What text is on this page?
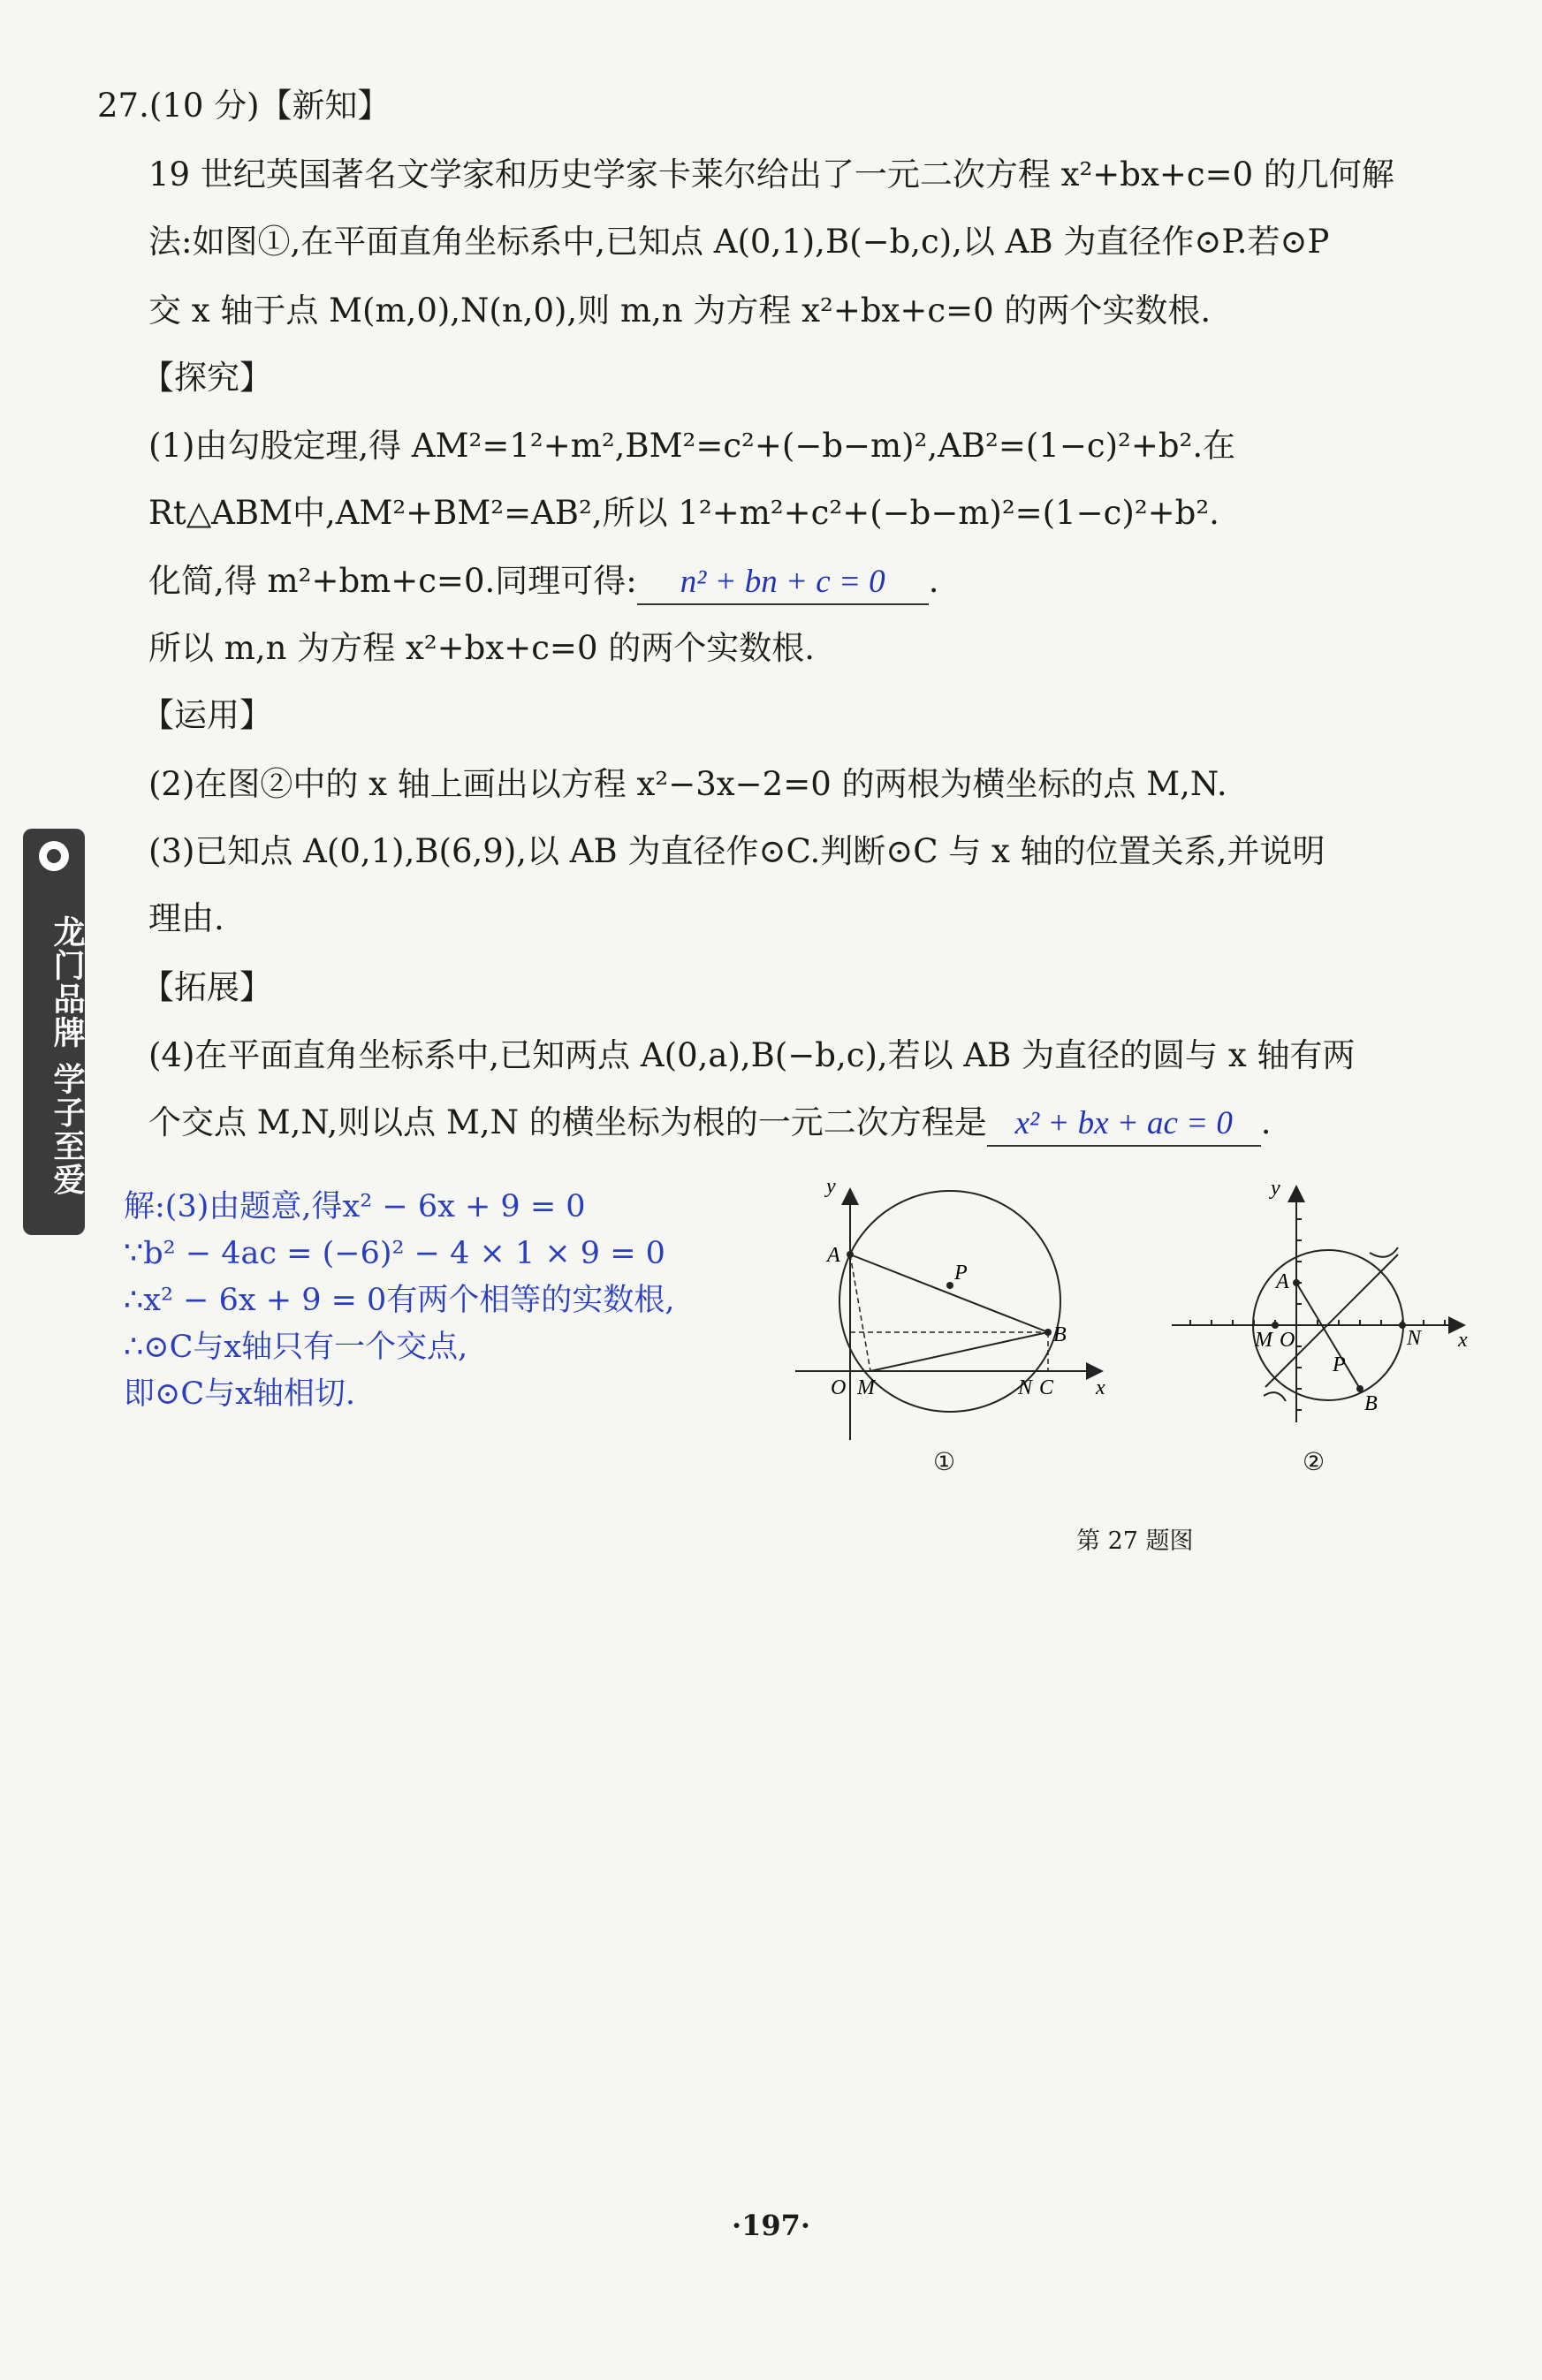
27.(10 分)【新知】
19 世纪英国著名文学家和历史学家卡莱尔给出了一元二次方程 x²+bx+c=0 的几何解
法:如图①,在平面直角坐标系中,已知点 A(0,1),B(−b,c),以 AB 为直径作⊙P.若⊙P
交 x 轴于点 M(m,0),N(n,0),则 m,n 为方程 x²+bx+c=0 的两个实数根.
【探究】
(1)由勾股定理,得 AM²=1²+m²,BM²=c²+(−b−m)²,AB²=(1−c)²+b².在
Rt△ABM中,AM²+BM²=AB²,所以 1²+m²+c²+(−b−m)²=(1−c)²+b².
化简,得 m²+bm+c=0.同理可得: n² + bn + c = 0 .
所以 m,n 为方程 x²+bx+c=0 的两个实数根.
【运用】
(2)在图②中的 x 轴上画出以方程 x²−3x−2=0 的两根为横坐标的点 M,N.
(3)已知点 A(0,1),B(6,9),以 AB 为直径作⊙C.判断⊙C 与 x 轴的位置关系,并说明
理由.
【拓展】
(4)在平面直角坐标系中,已知两点 A(0,a),B(−b,c),若以 AB 为直径的圆与 x 轴有两
个交点 M,N,则以点 M,N 的横坐标为根的一元二次方程是 x² + bx + ac = 0 .
解:(3)由题意,得x² − 6x + 9 = 0
∵b² − 4ac = (−6)² − 4 × 1 × 9 = 0
∴x² − 6x + 9 = 0有两个相等的实数根,
∴⊙C与x轴只有一个交点,
即⊙C与x轴相切.
龙门品牌 学子至爱	y
x
A
P
B
O M	N C
①
y
x
A
M O	N
P
B
②
第 27 题图
·197·
